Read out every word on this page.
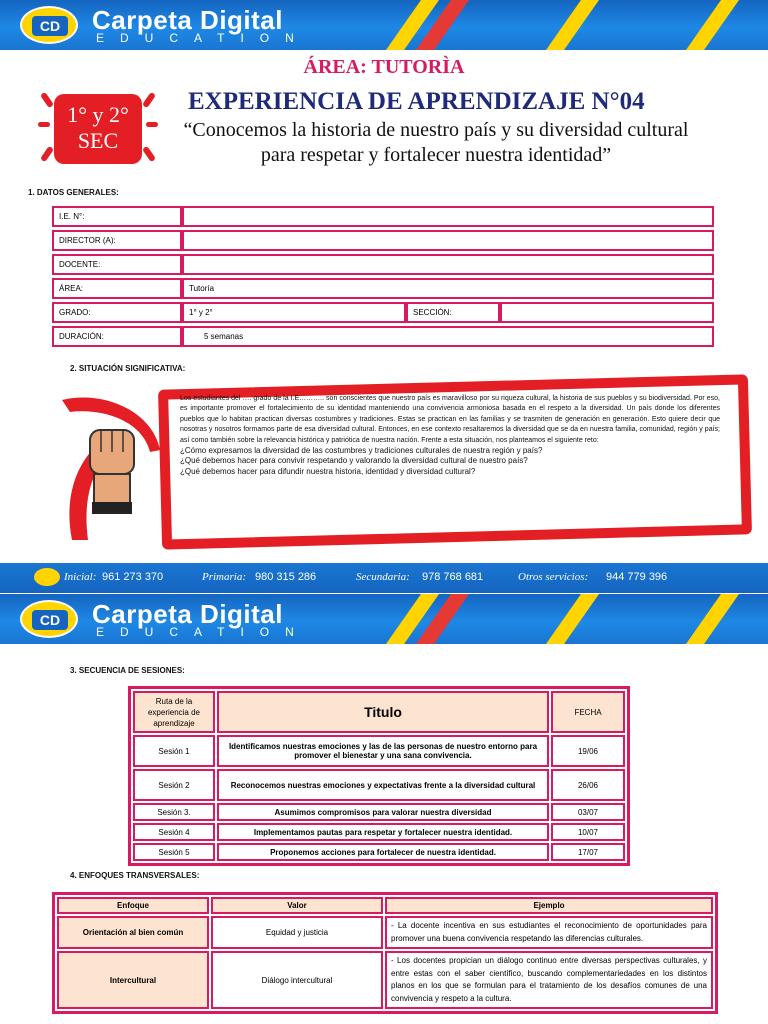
CD	Carpeta Digital
EDUCATION
ÁREA: TUTORÌA
1° y 2°
SEC
EXPERIENCIA DE APRENDIZAJE N°04
“Conocemos la historia de nuestro país y su diversidad cultural para respetar y fortalecer nuestra identidad”
1. DATOS GENERALES:
I.E. N°:			
DIRECTOR (A):			
DOCENTE:			
ÁREA:	Tutoría		
GRADO:	1° y 2°	SECCIÓN:	
DURACIÓN:	5 semanas		
2. SITUACIÓN SIGNIFICATIVA:
Los estudiantes del …. grado de la I.E……….. son conscientes que nuestro país es maravilloso por su riqueza cultural, la historia de sus pueblos y su biodiversidad. Por eso, es importante promover el fortalecimiento de su identidad manteniendo una convivencia armoniosa basada en el respeto a la diversidad. Un país donde los diferentes pueblos que lo habitan practican diversas costumbres y tradiciones. Estas se practican en las familias y se trasmiten de generación en generación. Esto quiere decir que nosotras y nosotros formamos parte de esa diversidad cultural. Entonces, en ese contexto resaltaremos la diversidad que se da en nuestra familia, comunidad, región y país; así como también sobre la relevancia histórica y patriótica de nuestra nación. Frente a esta situación, nos planteamos el siguiente reto:
¿Cómo expresamos la diversidad de las costumbres y tradiciones culturales de nuestra región y país?
¿Qué debemos hacer para convivir respetando y valorando la diversidad cultural de nuestro país?
¿Qué debemos hacer para difundir nuestra historia, identidad y diversidad cultural?
Inicial: 961 273 370	Primaria: 980 315 286	Secundaria: 978 768 681	Otros servicios: 944 779 396
CD	Carpeta Digital
EDUCATION
3. SECUENCIA DE SESIONES:
Ruta de la experiencia de aprendizaje	Titulo	FECHA
Sesión 1	Identificamos nuestras emociones y las de las personas de nuestro entorno para promover el bienestar y una sana convivencia.	19/06
Sesión 2	Reconocemos nuestras emociones y expectativas frente a la diversidad cultural	26/06
Sesión 3.	Asumimos compromisos para valorar nuestra diversidad	03/07
Sesión 4	Implementamos pautas para respetar y fortalecer nuestra identidad.	10/07
Sesión 5	Proponemos acciones para fortalecer de nuestra identidad.	17/07
4. ENFOQUES TRANSVERSALES:
Enfoque	Valor	Ejemplo
Orientación al bien común	Equidad y justicia	- La docente incentiva en sus estudiantes el reconocimiento de oportunidades para promover una buena convivencia respetando las diferencias culturales.
Intercultural	Diálogo intercultural	- Los docentes propician un diálogo continuo entre diversas perspectivas culturales, y entre estas con el saber científico, buscando complementariedades en los distintos planos en los que se formulan para el tratamiento de los desafíos comunes de una convivencia y respeto a la cultura.
